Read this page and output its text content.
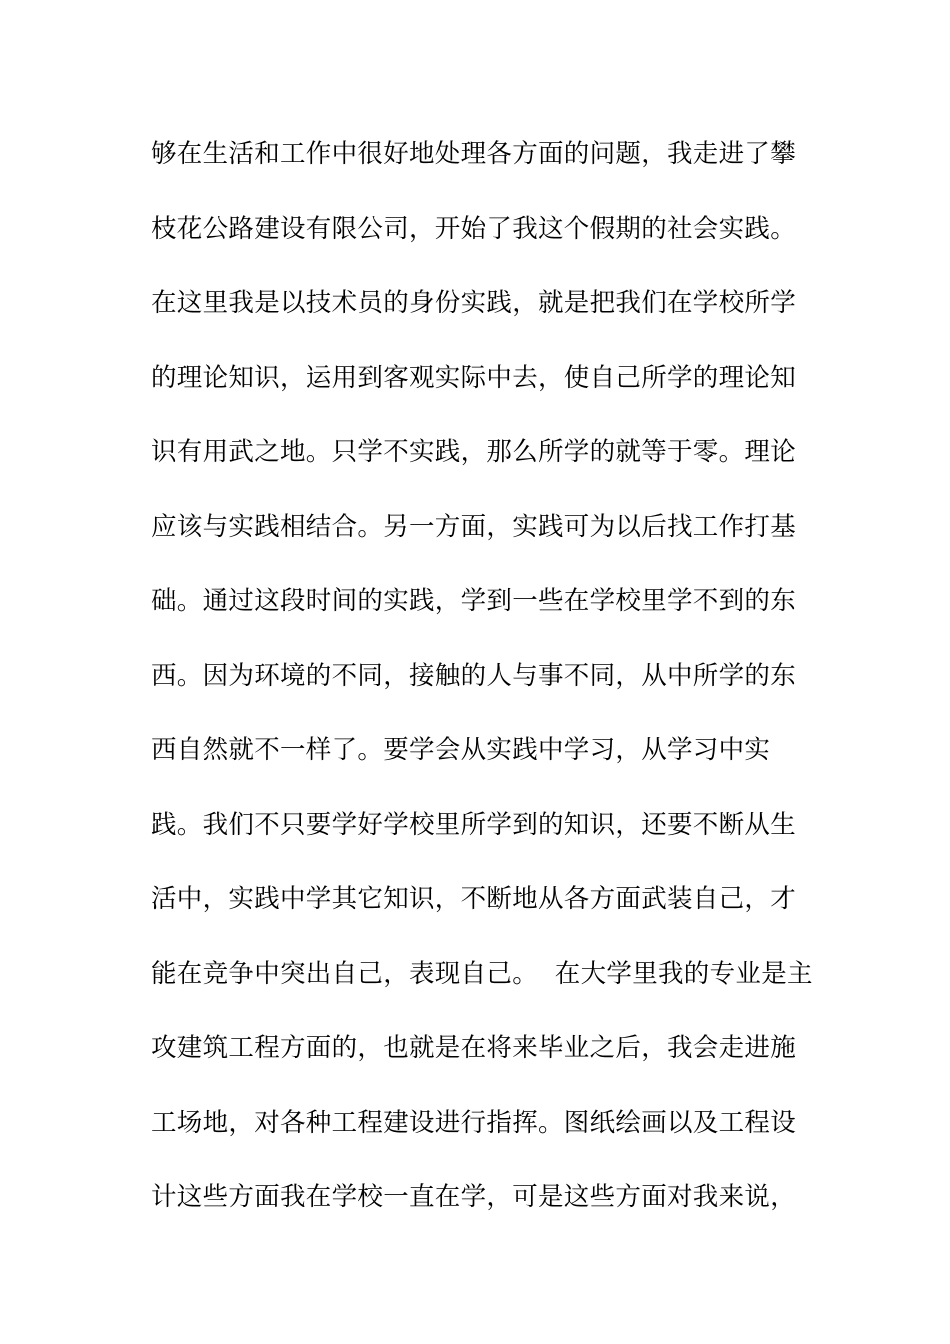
够在生活和工作中很好地处理各方面的问题，我走进了攀
枝花公路建设有限公司，开始了我这个假期的社会实践。
在这里我是以技术员的身份实践，就是把我们在学校所学
的理论知识，运用到客观实际中去，使自己所学的理论知
识有用武之地。只学不实践，那么所学的就等于零。理论
应该与实践相结合。另一方面，实践可为以后找工作打基
础。通过这段时间的实践，学到一些在学校里学不到的东
西。因为环境的不同，接触的人与事不同，从中所学的东
西自然就不一样了。要学会从实践中学习，从学习中实
践。我们不只要学好学校里所学到的知识，还要不断从生
活中，实践中学其它知识，不断地从各方面武装自己，才
能在竞争中突出自己，表现自己。  在大学里我的专业是主
攻建筑工程方面的，也就是在将来毕业之后，我会走进施
工场地，对各种工程建设进行指挥。图纸绘画以及工程设
计这些方面我在学校一直在学，可是这些方面对我来说，
